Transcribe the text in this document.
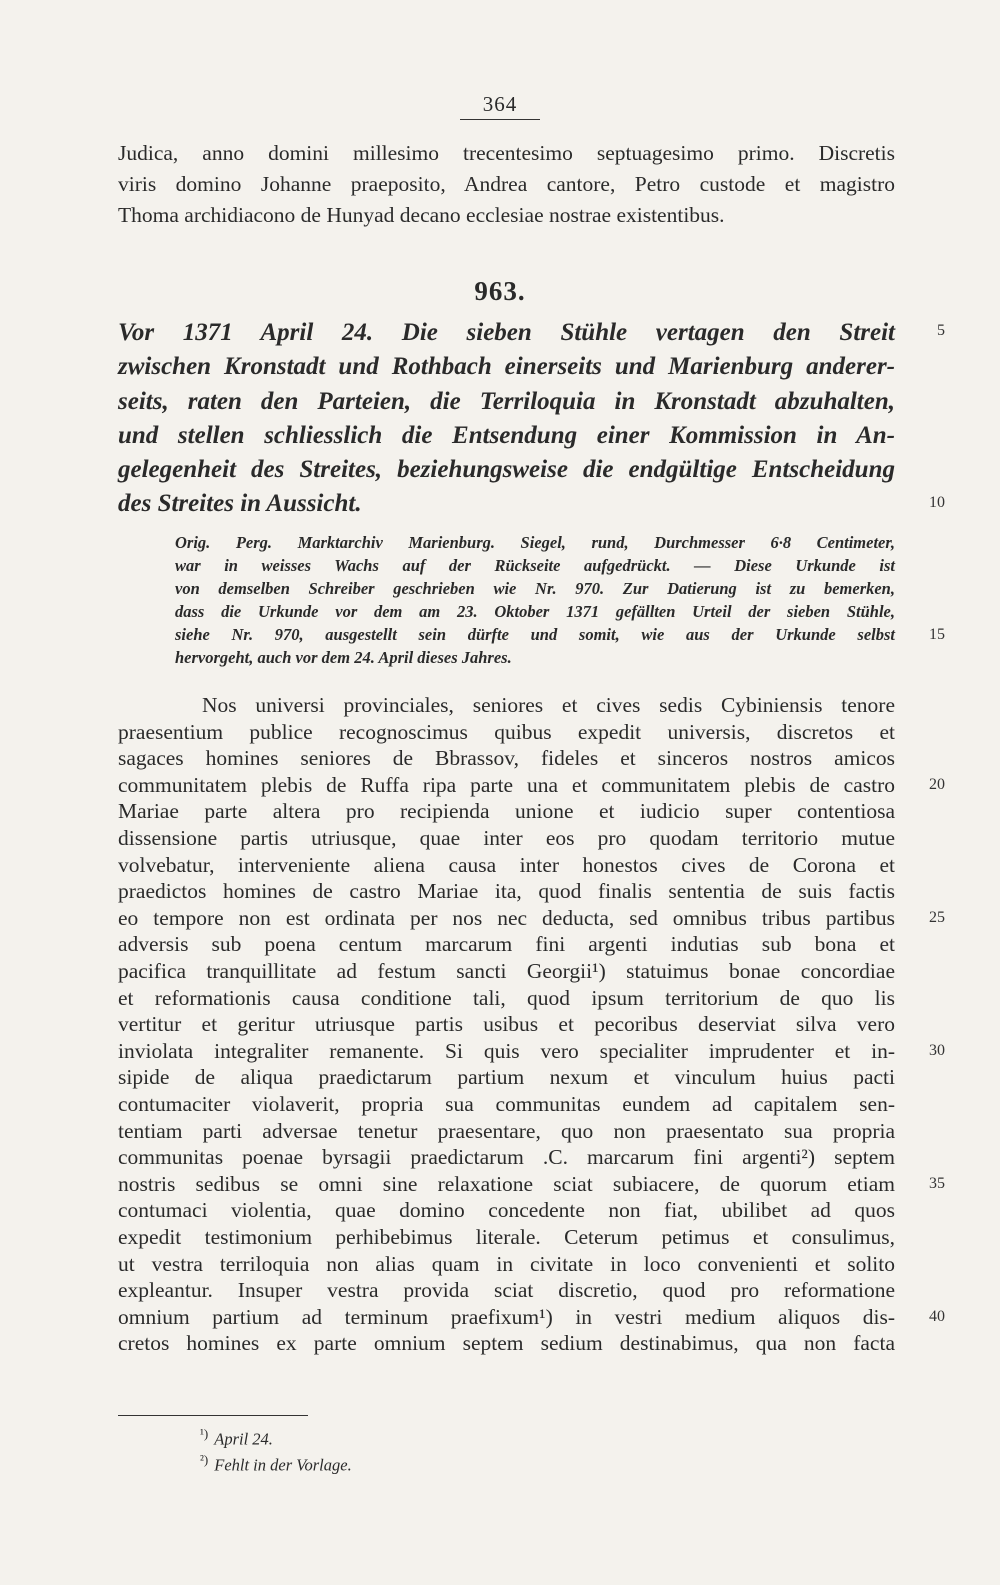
364
Judica, anno domini millesimo trecentesimo septuagesimo primo. Discretis
viris domino Johanne praeposito, Andrea cantore, Petro custode et magistro
Thoma archidiacono de Hunyad decano ecclesiae nostrae existentibus.
963.
Vor 1371 April 24. Die sieben Stühle vertagen den Streit
zwischen Kronstadt und Rothbach einerseits und Marienburg anderer-
seits, raten den Parteien, die Terriloquia in Kronstadt abzuhalten,
und stellen schliesslich die Entsendung einer Kommission in An-
gelegenheit des Streites, beziehungsweise die endgültige Entscheidung
des Streites in Aussicht.
Orig. Perg. Marktarchiv Marienburg. Siegel, rund, Durchmesser 6·8 Centimeter,
war in weisses Wachs auf der Rückseite aufgedrückt. — Diese Urkunde ist
von demselben Schreiber geschrieben wie Nr. 970. Zur Datierung ist zu bemerken,
dass die Urkunde vor dem am 23. Oktober 1371 gefällten Urteil der sieben Stühle,
siehe Nr. 970, ausgestellt sein dürfte und somit, wie aus der Urkunde selbst
hervorgeht, auch vor dem 24. April dieses Jahres.
Nos universi provinciales, seniores et cives sedis Cybiniensis tenore
praesentium publice recognoscimus quibus expedit universis, discretos et
sagaces homines seniores de Bbrassov, fideles et sinceros nostros amicos
communitatem plebis de Ruffa ripa parte una et communitatem plebis de castro
Mariae parte altera pro recipienda unione et iudicio super contentiosa
dissensione partis utriusque, quae inter eos pro quodam territorio mutue
volvebatur, interveniente aliena causa inter honestos cives de Corona et
praedictos homines de castro Mariae ita, quod finalis sententia de suis factis
eo tempore non est ordinata per nos nec deducta, sed omnibus tribus partibus
adversis sub poena centum marcarum fini argenti indutias sub bona et
pacifica tranquillitate ad festum sancti Georgii¹) statuimus bonae concordiae
et reformationis causa conditione tali, quod ipsum territorium de quo lis
vertitur et geritur utriusque partis usibus et pecoribus deserviat silva vero
inviolata integraliter remanente. Si quis vero specialiter imprudenter et in-
sipide de aliqua praedictarum partium nexum et vinculum huius pacti
contumaciter violaverit, propria sua communitas eundem ad capitalem sen-
tentiam parti adversae tenetur praesentare, quo non praesentato sua propria
communitas poenae byrsagii praedictarum .C. marcarum fini argenti²) septem
nostris sedibus se omni sine relaxatione sciat subiacere, de quorum etiam
contumaci violentia, quae domino concedente non fiat, ubilibet ad quos
expedit testimonium perhibebimus literale. Ceterum petimus et consulimus,
ut vestra terriloquia non alias quam in civitate in loco convenienti et solito
expleantur. Insuper vestra provida sciat discretio, quod pro reformatione
omnium partium ad terminum praefixum¹) in vestri medium aliquos dis-
cretos homines ex parte omnium septem sedium destinabimus, qua non facta
5
10
15
20
25
30
35
40
$^{^1)}$ April 24.
$^{^2)}$ Fehlt in der Vorlage.
